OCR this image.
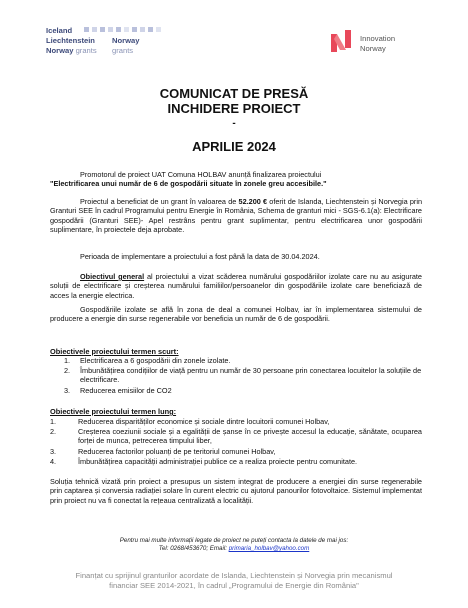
Iceland
Liechtenstein
Norway grants
Norway
grants
Innovation
Norway
COMUNICAT DE PRESĂ
INCHIDERE PROIECT
-
APRILIE 2024
Promotorul de proiect UAT Comuna HOLBAV anunță finalizarea proiectului
"Electrificarea unui număr de 6 de gospodării situate în zonele greu accesibile."
Proiectul a beneficiat de un grant în valoarea de 52.200 € oferit de Islanda, Liechtenstein și Norvegia prin Granturi SEE în cadrul Programului pentru Energie în România, Schema de granturi mici - SGS-6.1(a): Electrificare gospodării (Granturi SEE)- Apel restrâns pentru grant suplimentar, pentru electrificarea unor gospodării suplimentare, în proiectele deja aprobate.
Perioada de implementare a proiectului a fost până la data de 30.04.2024.
Obiectivul general al proiectului a vizat scăderea numărului gospodăriilor izolate care nu au asigurate soluții de electrificare și creșterea numărului familiilor/persoanelor din gospodăriile izolate care beneficiază de acces la energie electrica.
Gospodăriile izolate se află în zona de deal a comunei Holbav, iar în implementarea sistemului de producere a energie din surse regenerabile vor beneficia un număr de 6 de gospodării.
Obiectivele proiectului termen scurt:
1. Electrificarea a 6 gospodării din zonele izolate.
2. Îmbunătățirea condițiilor de viață pentru un număr de 30 persoane prin conectarea locuitelor la soluțiile de electrificare.
3. Reducerea emisiilor de CO2
Obiectivele proiectului termen lung:
1.	Reducerea disparităților economice și sociale dintre locuitorii comunei Holbav,
2.	Creșterea coeziunii sociale și a egalității de șanse în ce privește accesul la educație, sănătate, ocuparea forței de munca, petrecerea timpului liber,
3.	Reducerea factorilor poluanți de pe teritoriul comunei Holbav,
4.	Îmbunătățirea capacității administrației publice ce a realiza proiecte pentru comunitate.
Soluția tehnică vizată prin proiect a presupus un sistem integrat de producere a energiei din surse regenerabile prin captarea și conversia radiației solare în curent electric cu ajutorul panourilor fotovoltaice. Sistemul implementat prin proiect nu va fi conectat la rețeaua centralizată a localității.
Pentru mai multe informații legate de proiect ne puteți contacta la datele de mai jos:
Tel: 0268/453670; Email: primaria_holbav@yahoo.com
Finanțat cu sprijinul granturilor acordate de Islanda, Liechtenstein și Norvegia prin mecanismul
financiar SEE 2014-2021, în cadrul „Programului de Energie din România"
